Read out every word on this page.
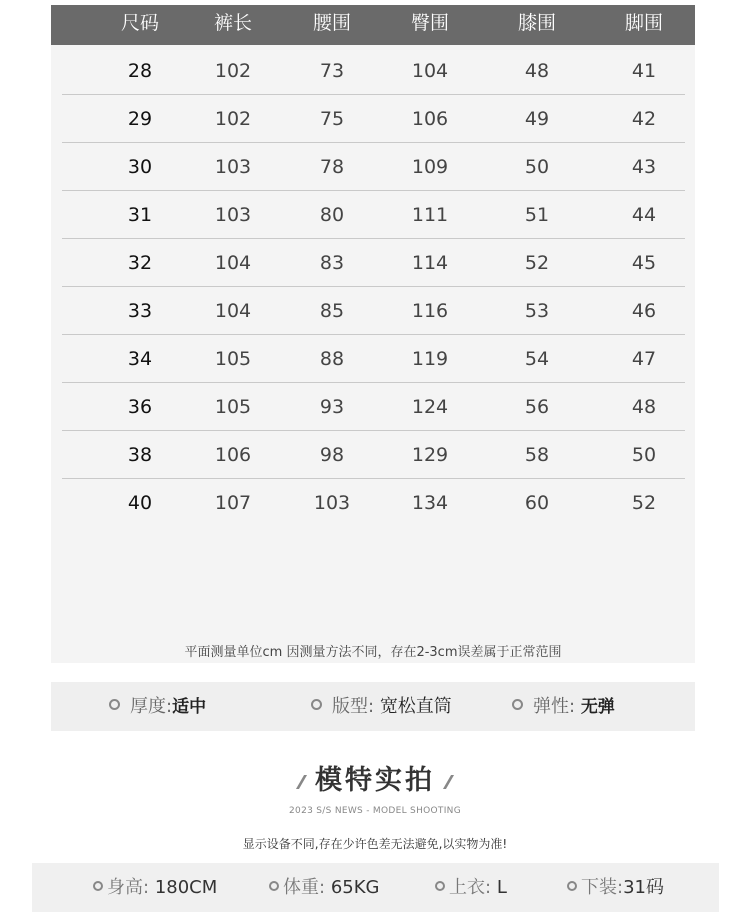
尺码	裤长	腰围	臀围	膝围	脚围
28	102	73	104	48	41
29	102	75	106	49	42
30	103	78	109	50	43
31	103	80	111	51	44
32	104	83	114	52	45
33	104	85	116	53	46
34	105	88	119	54	47
36	105	93	124	56	48
38	106	98	129	58	50
40	107	103	134	60	52
平面测量单位cm 因测量方法不同，存在2-3cm误差属于正常范围
厚度:适中	版型: 宽松直筒	弹性: 无弹
模特实拍
2023 S/S NEWS - MODEL SHOOTING
显示设备不同,存在少许色差无法避免,以实物为准!
身高: 180CM	体重: 65KG	上衣: L	下装:31码
